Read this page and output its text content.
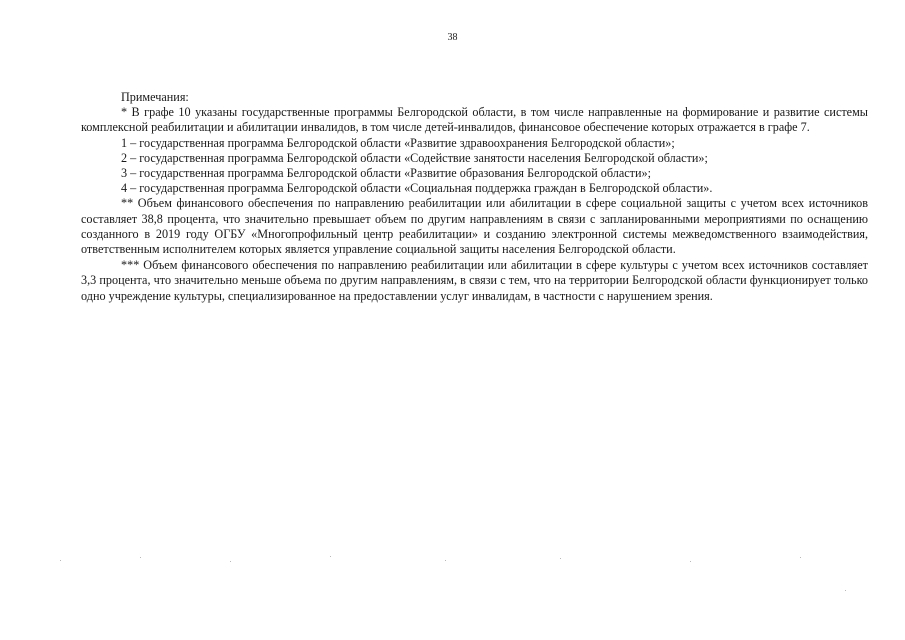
38

Примечания:

* В графе 10 указаны государственные программы Белгородской области, в том числе направленные на формирование и развитие системы комплексной реабилитации и абилитации инвалидов, в том числе детей-инвалидов, финансовое обеспечение которых отражается в графе 7.

1 – государственная программа Белгородской области «Развитие здравоохранения Белгородской области»;

2 – государственная программа Белгородской области «Содействие занятости населения Белгородской области»;

3 – государственная программа Белгородской области «Развитие образования Белгородской области»;

4 – государственная программа Белгородской области «Социальная поддержка граждан в Белгородской области».

** Объем финансового обеспечения по направлению реабилитации или абилитации в сфере социальной защиты с учетом всех источников составляет 38,8 процента, что значительно превышает объем по другим направлениям в связи с запланированными мероприятиями по оснащению созданного в 2019 году ОГБУ «Многопрофильный центр реабилитации» и созданию электронной системы межведомственного взаимодействия, ответственным исполнителем которых является управление социальной защиты населения Белгородской области.

*** Объем финансового обеспечения по направлению реабилитации или абилитации в сфере культуры с учетом всех источников составляет 3,3 процента, что значительно меньше объема по другим направлениям, в связи с тем, что на территории Белгородской области функционирует только одно учреждение культуры, специализированное на предоставлении услуг инвалидам, в частности с нарушением зрения.
